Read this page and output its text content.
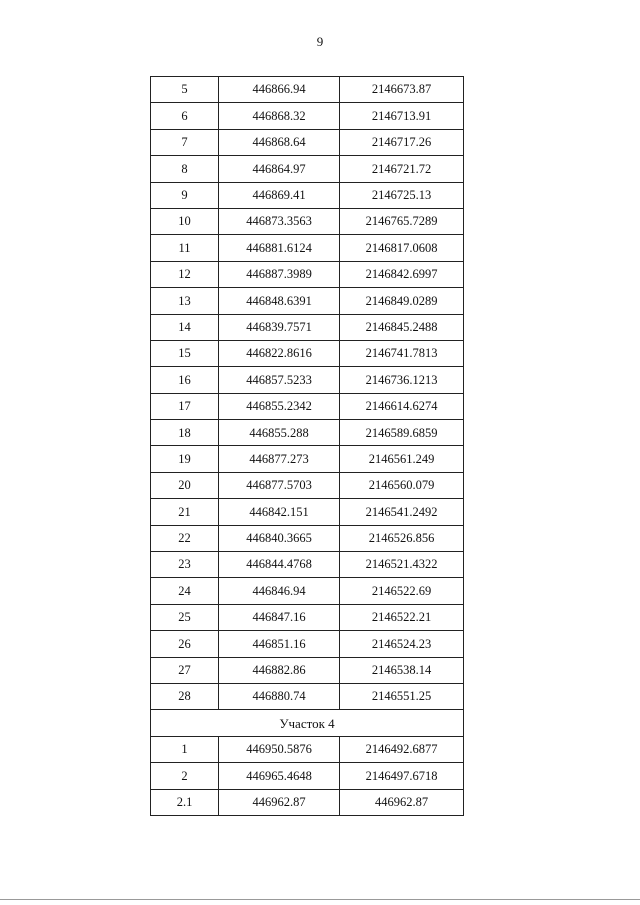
9
5	446866.94	2146673.87
6	446868.32	2146713.91
7	446868.64	2146717.26
8	446864.97	2146721.72
9	446869.41	2146725.13
10	446873.3563	2146765.7289
11	446881.6124	2146817.0608
12	446887.3989	2146842.6997
13	446848.6391	2146849.0289
14	446839.7571	2146845.2488
15	446822.8616	2146741.7813
16	446857.5233	2146736.1213
17	446855.2342	2146614.6274
18	446855.288	2146589.6859
19	446877.273	2146561.249
20	446877.5703	2146560.079
21	446842.151	2146541.2492
22	446840.3665	2146526.856
23	446844.4768	2146521.4322
24	446846.94	2146522.69
25	446847.16	2146522.21
26	446851.16	2146524.23
27	446882.86	2146538.14
28	446880.74	2146551.25
Участок 4		
1	446950.5876	2146492.6877
2	446965.4648	2146497.6718
2.1	446962.87	446962.87
